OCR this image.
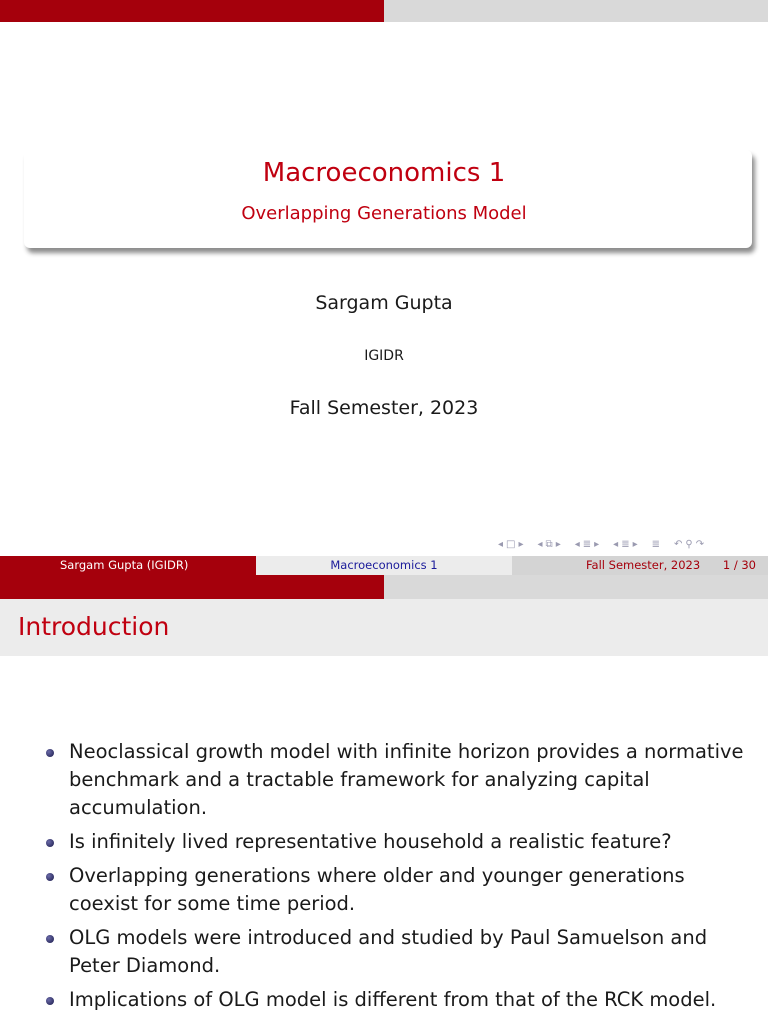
Macroeconomics 1
Overlapping Generations Model
Sargam Gupta
IGIDR
Fall Semester, 2023
◂ □ ▸ ◂ ⧉ ▸ ◂ ≣ ▸ ◂ ≣ ▸ ≣ ↶ ⚲ ↷
Sargam Gupta (IGIDR)	Macroeconomics 1	Fall Semester, 2023 1 / 30
Introduction
Neoclassical growth model with infinite horizon provides a normative benchmark and a tractable framework for analyzing capital accumulation.
Is infinitely lived representative household a realistic feature?
Overlapping generations where older and younger generations coexist for some time period.
OLG models were introduced and studied by Paul Samuelson and Peter Diamond.
Implications of OLG model is different from that of the RCK model.
